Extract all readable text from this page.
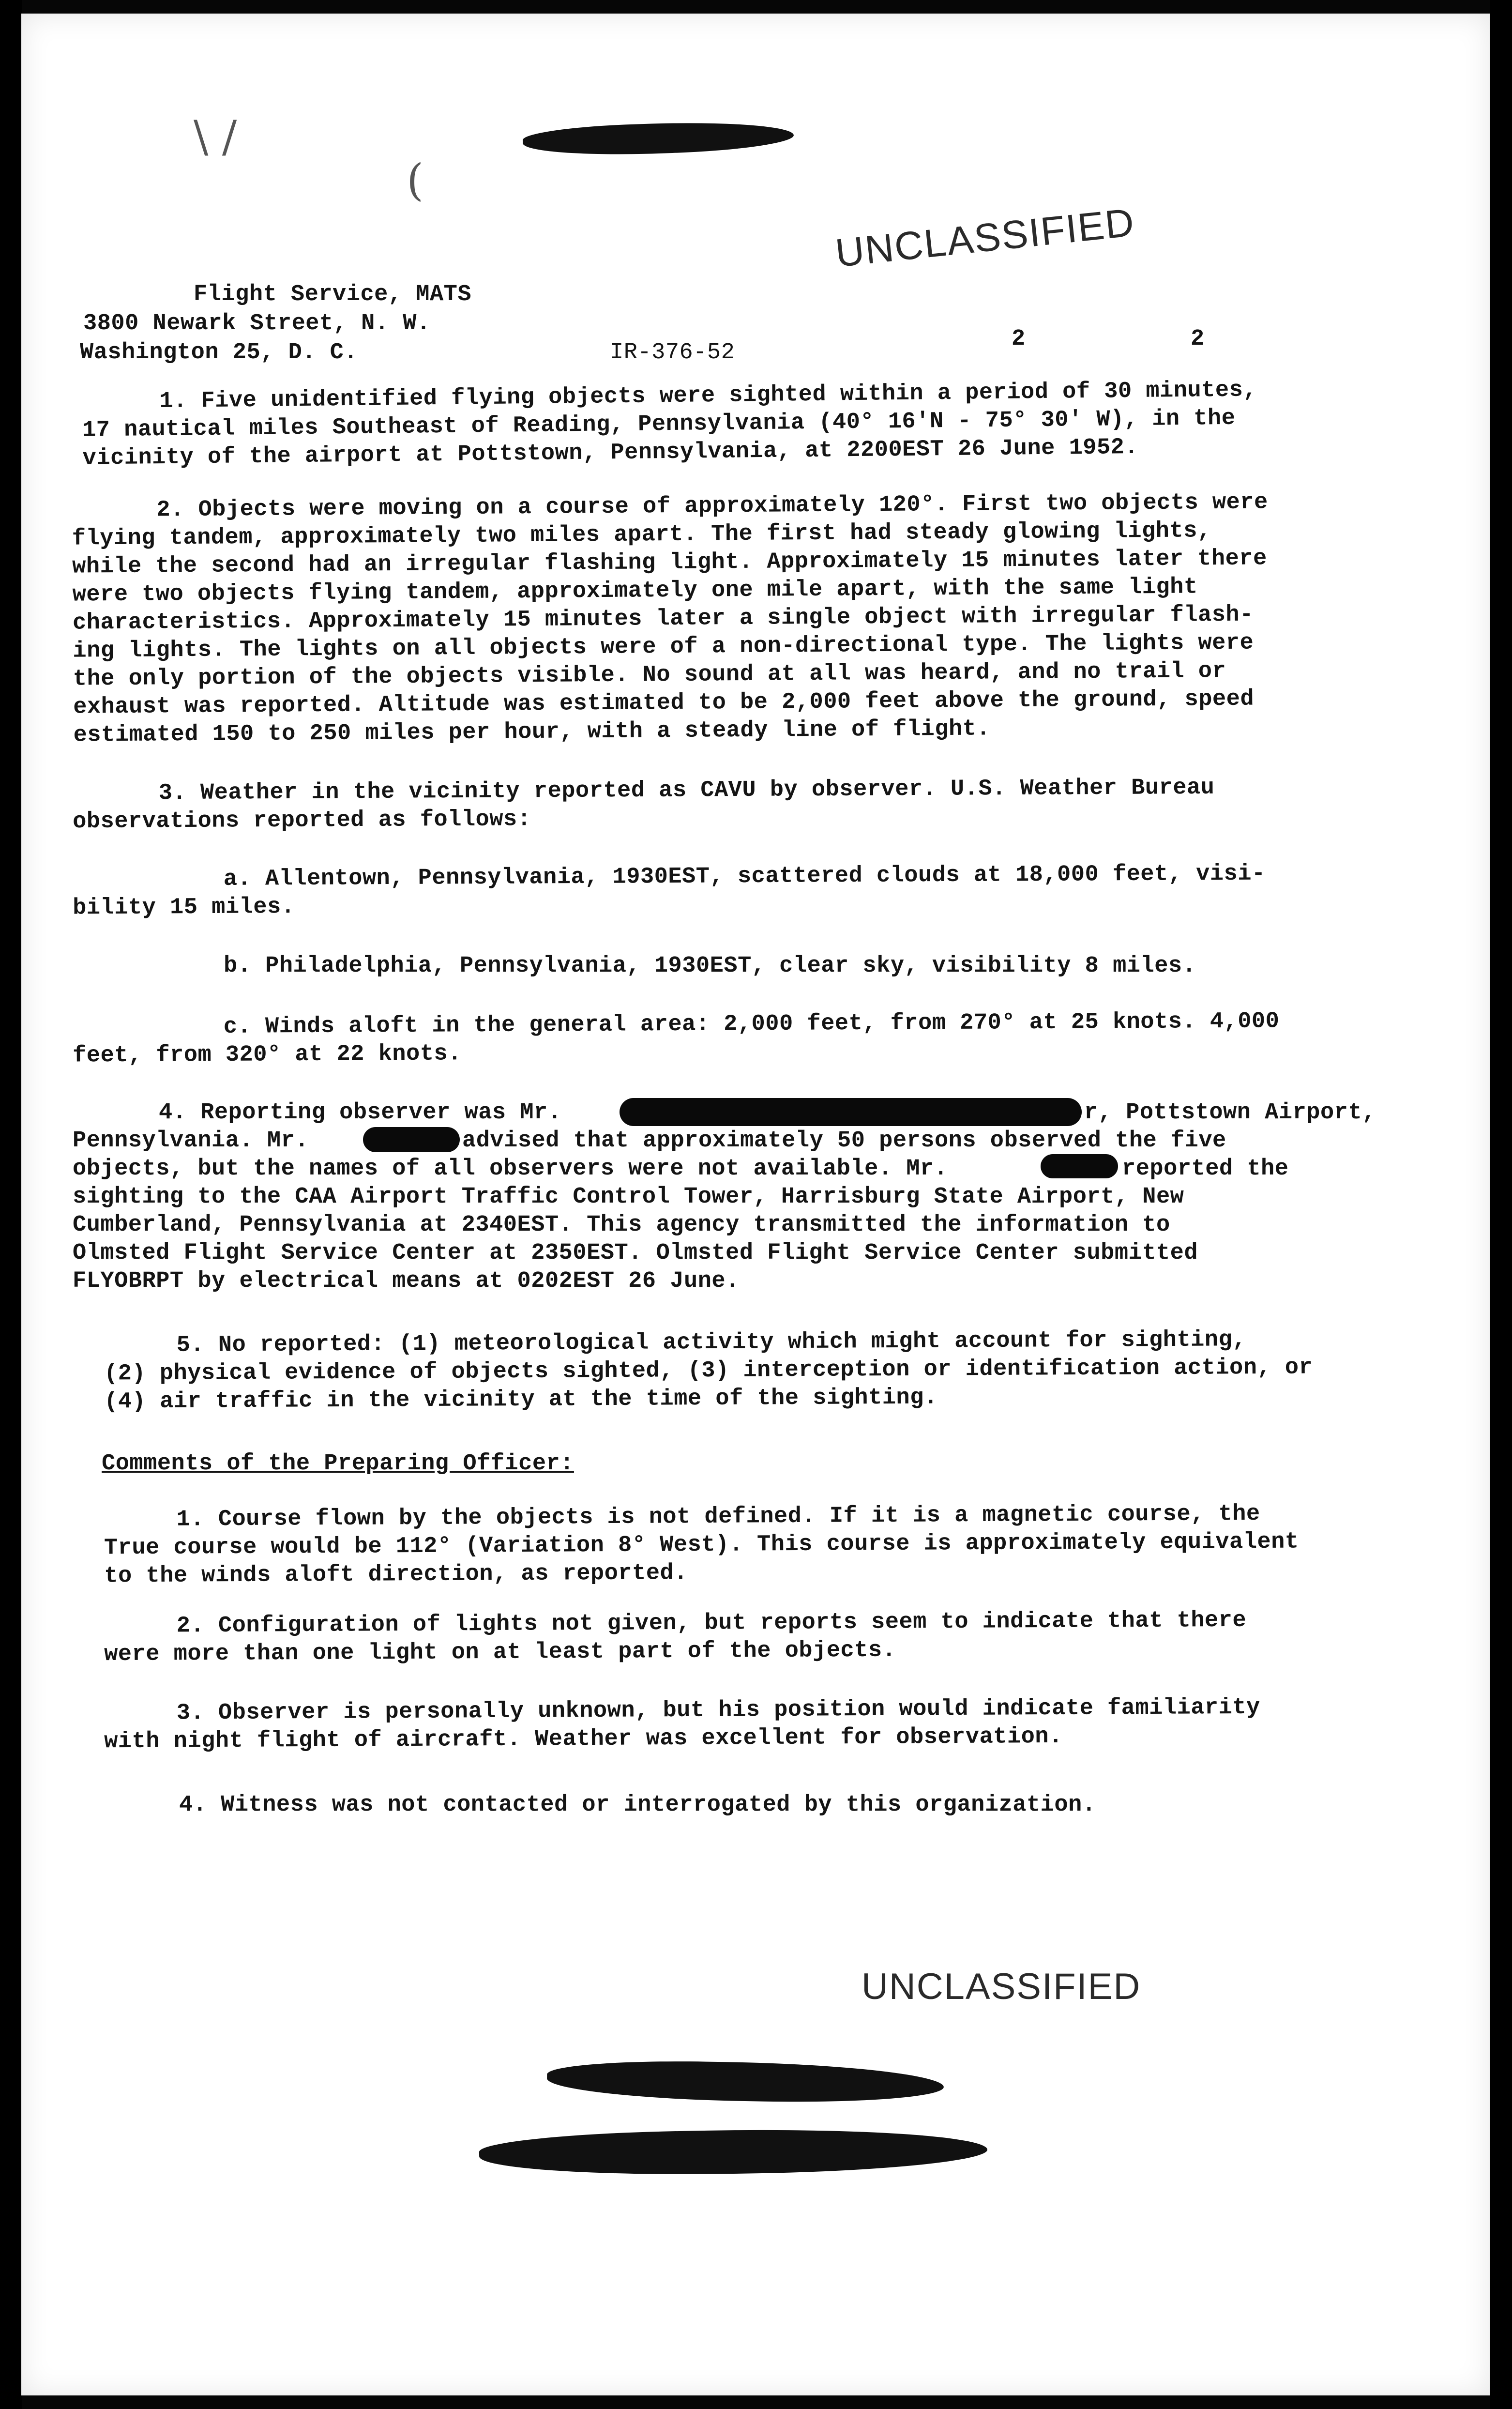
\ /
(
UNCLASSIFIED
Flight Service, MATS
3800 Newark Street, N. W.
Washington 25, D. C.	IR-376-52
2	2
1. Five unidentified flying objects were sighted within a period of 30 minutes,
17 nautical miles Southeast of Reading, Pennsylvania (40° 16'N - 75° 30' W), in the
vicinity of the airport at Pottstown, Pennsylvania, at 2200EST 26 June 1952.
2. Objects were moving on a course of approximately 120°. First two objects were
flying tandem, approximately two miles apart. The first had steady glowing lights,
while the second had an irregular flashing light. Approximately 15 minutes later there
were two objects flying tandem, approximately one mile apart, with the same light
characteristics. Approximately 15 minutes later a single object with irregular flash-
ing lights. The lights on all objects were of a non-directional type. The lights were
the only portion of the objects visible. No sound at all was heard, and no trail or
exhaust was reported. Altitude was estimated to be 2,000 feet above the ground, speed
estimated 150 to 250 miles per hour, with a steady line of flight.
3. Weather in the vicinity reported as CAVU by observer. U.S. Weather Bureau
observations reported as follows:
a. Allentown, Pennsylvania, 1930EST, scattered clouds at 18,000 feet, visi-
bility 15 miles.
b. Philadelphia, Pennsylvania, 1930EST, clear sky, visibility 8 miles.
c. Winds aloft in the general area: 2,000 feet, from 270° at 25 knots. 4,000
feet, from 320° at 22 knots.
4. Reporting observer was Mr.	r, Pottstown Airport,
Pennsylvania. Mr.	advised that approximately 50 persons observed the five
objects, but the names of all observers were not available. Mr.	reported the
sighting to the CAA Airport Traffic Control Tower, Harrisburg State Airport, New
Cumberland, Pennsylvania at 2340EST. This agency transmitted the information to
Olmsted Flight Service Center at 2350EST. Olmsted Flight Service Center submitted
FLYOBRPT by electrical means at 0202EST 26 June.
5. No reported: (1) meteorological activity which might account for sighting,
(2) physical evidence of objects sighted, (3) interception or identification action, or
(4) air traffic in the vicinity at the time of the sighting.
Comments of the Preparing Officer:
1. Course flown by the objects is not defined. If it is a magnetic course, the
True course would be 112° (Variation 8° West). This course is approximately equivalent
to the winds aloft direction, as reported.
2. Configuration of lights not given, but reports seem to indicate that there
were more than one light on at least part of the objects.
3. Observer is personally unknown, but his position would indicate familiarity
with night flight of aircraft. Weather was excellent for observation.
4. Witness was not contacted or interrogated by this organization.
UNCLASSIFIED
